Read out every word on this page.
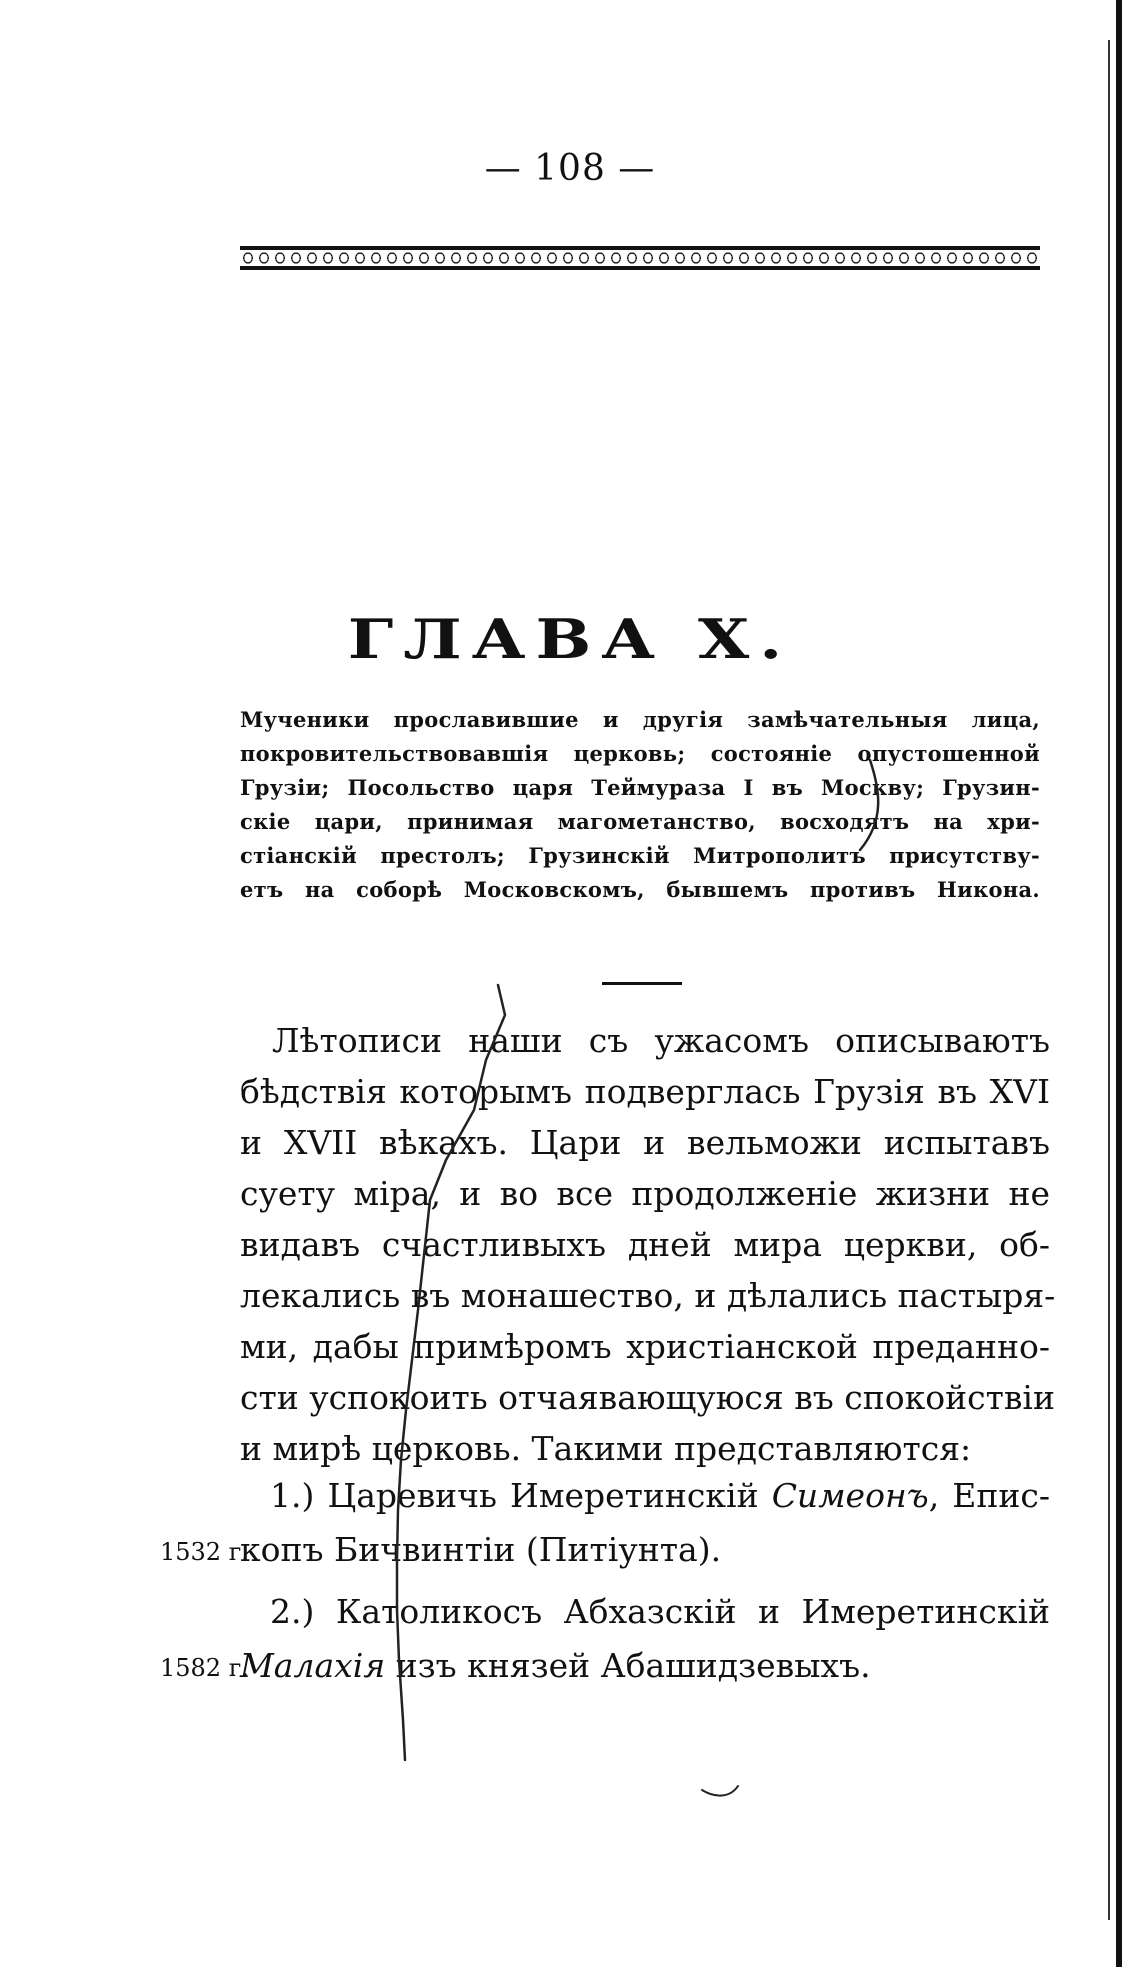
— 108 —
ГЛАВА X.
Мученики прославившие и другія замѣчательныя лица,
покровительствовавшія церковь; состояніе опустошенной
Грузіи; Посольство царя Теймураза I въ Москву; Грузин-
скіе цари, принимая магометанство, восходятъ на хри-
стіанскій престолъ; Грузинскій Митрополитъ присутству-
етъ на соборѣ Московскомъ, бывшемъ противъ Никона.
Лѣтописи наши съ ужасомъ описываютъ
бѣдствія которымъ подверглась Грузія въ XVI
и XVII вѣкахъ. Цари и вельможи испытавъ
суету міра, и во все продолженіе жизни не
видавъ счастливыхъ дней мира церкви, об-
лекались въ монашество, и дѣлались пастыря-
ми, дабы примѣромъ христіанской преданно-
сти успокоить отчаявающуюся въ спокойствіи
и мирѣ церковь. Такими представляются:
1.) Царевичь Имеретинскій Симеонъ, Епис-
1532 г.
копъ Бичвинтіи (Питіунта).
2.) Католикосъ Абхазскій и Имеретинскій
1582 г.
Малахія изъ князей Абашидзевыхъ.
